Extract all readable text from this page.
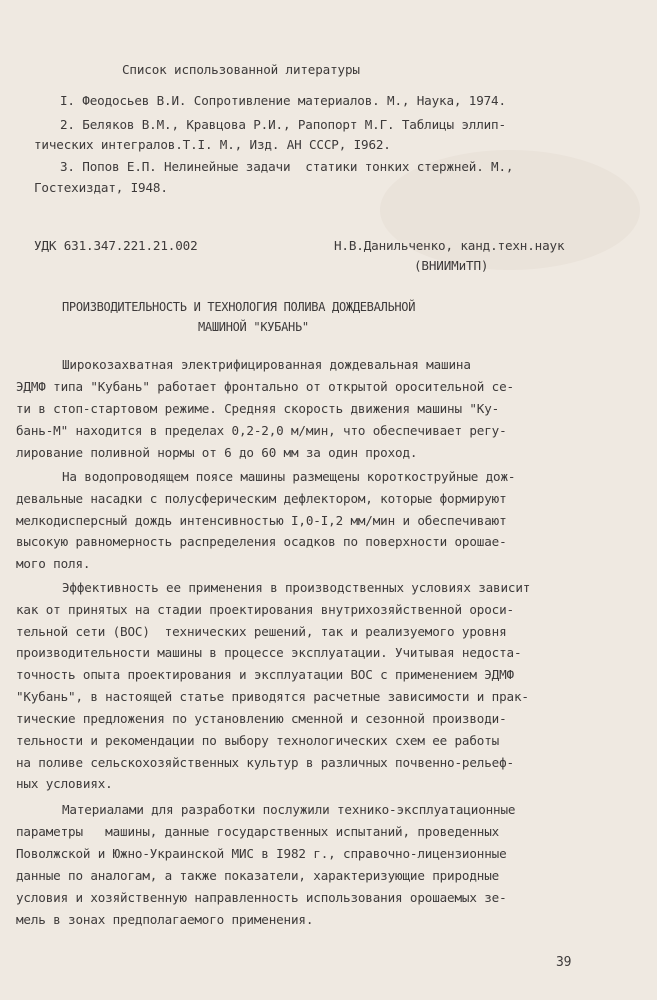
Список использованной литературы
I. Феодосьев В.И. Сопротивление материалов. М., Наука, 1974.
2. Беляков В.М., Кравцова Р.И., Рапопорт М.Г. Таблицы эллип-
тических интегралов.Т.I. М., Изд. АН СССР, I962.
3. Попов Е.П. Нелинейные задачи  статики тонких стержней. М.,
Гостехиздат, I948.
УДК 631.347.221.21.002	Н.В.Данильченко, канд.техн.наук
(ВНИИМиТП)
ПРОИЗВОДИТЕЛЬНОСТЬ И ТЕХНОЛОГИЯ ПОЛИВА ДОЖДЕВАЛЬНОЙ
МАШИНОЙ "КУБАНЬ"
Широкозахватная электрифицированная дождевальная машина
ЭДМФ типа "Кубань" работает фронтально от открытой оросительной се-
ти в стоп-стартовом режиме. Средняя скорость движения машины "Ку-
бань-М" находится в пределах 0,2-2,0 м/мин, что обеспечивает регу-
лирование поливной нормы от 6 до 60 мм за один проход.
На водопроводящем поясе машины размещены короткоструйные дож-
девальные насадки с полусферическим дефлектором, которые формируют
мелкодисперсный дождь интенсивностью I,0-I,2 мм/мин и обеспечивают
высокую равномерность распределения осадков по поверхности орошае-
мого поля.
Эффективность ее применения в производственных условиях зависит
как от принятых на стадии проектирования внутрихозяйственной ороси-
тельной сети (ВОС)  технических решений, так и реализуемого уровня
производительности машины в процессе эксплуатации. Учитывая недоста-
точность опыта проектирования и эксплуатации ВОС с применением ЭДМФ
"Кубань", в настоящей статье приводятся расчетные зависимости и прак-
тические предложения по установлению сменной и сезонной производи-
тельности и рекомендации по выбору технологических схем ее работы
на поливе сельскохозяйственных культур в различных почвенно-рельеф-
ных условиях.
Материалами для разработки послужили технико-эксплуатационные
параметры   машины, данные государственных испытаний, проведенных
Поволжской и Южно-Украинской МИС в I982 г., справочно-лицензионные
данные по аналогам, а также показатели, характеризующие природные
условия и хозяйственную направленность использования орошаемых зе-
мель в зонах предполагаемого применения.
39
